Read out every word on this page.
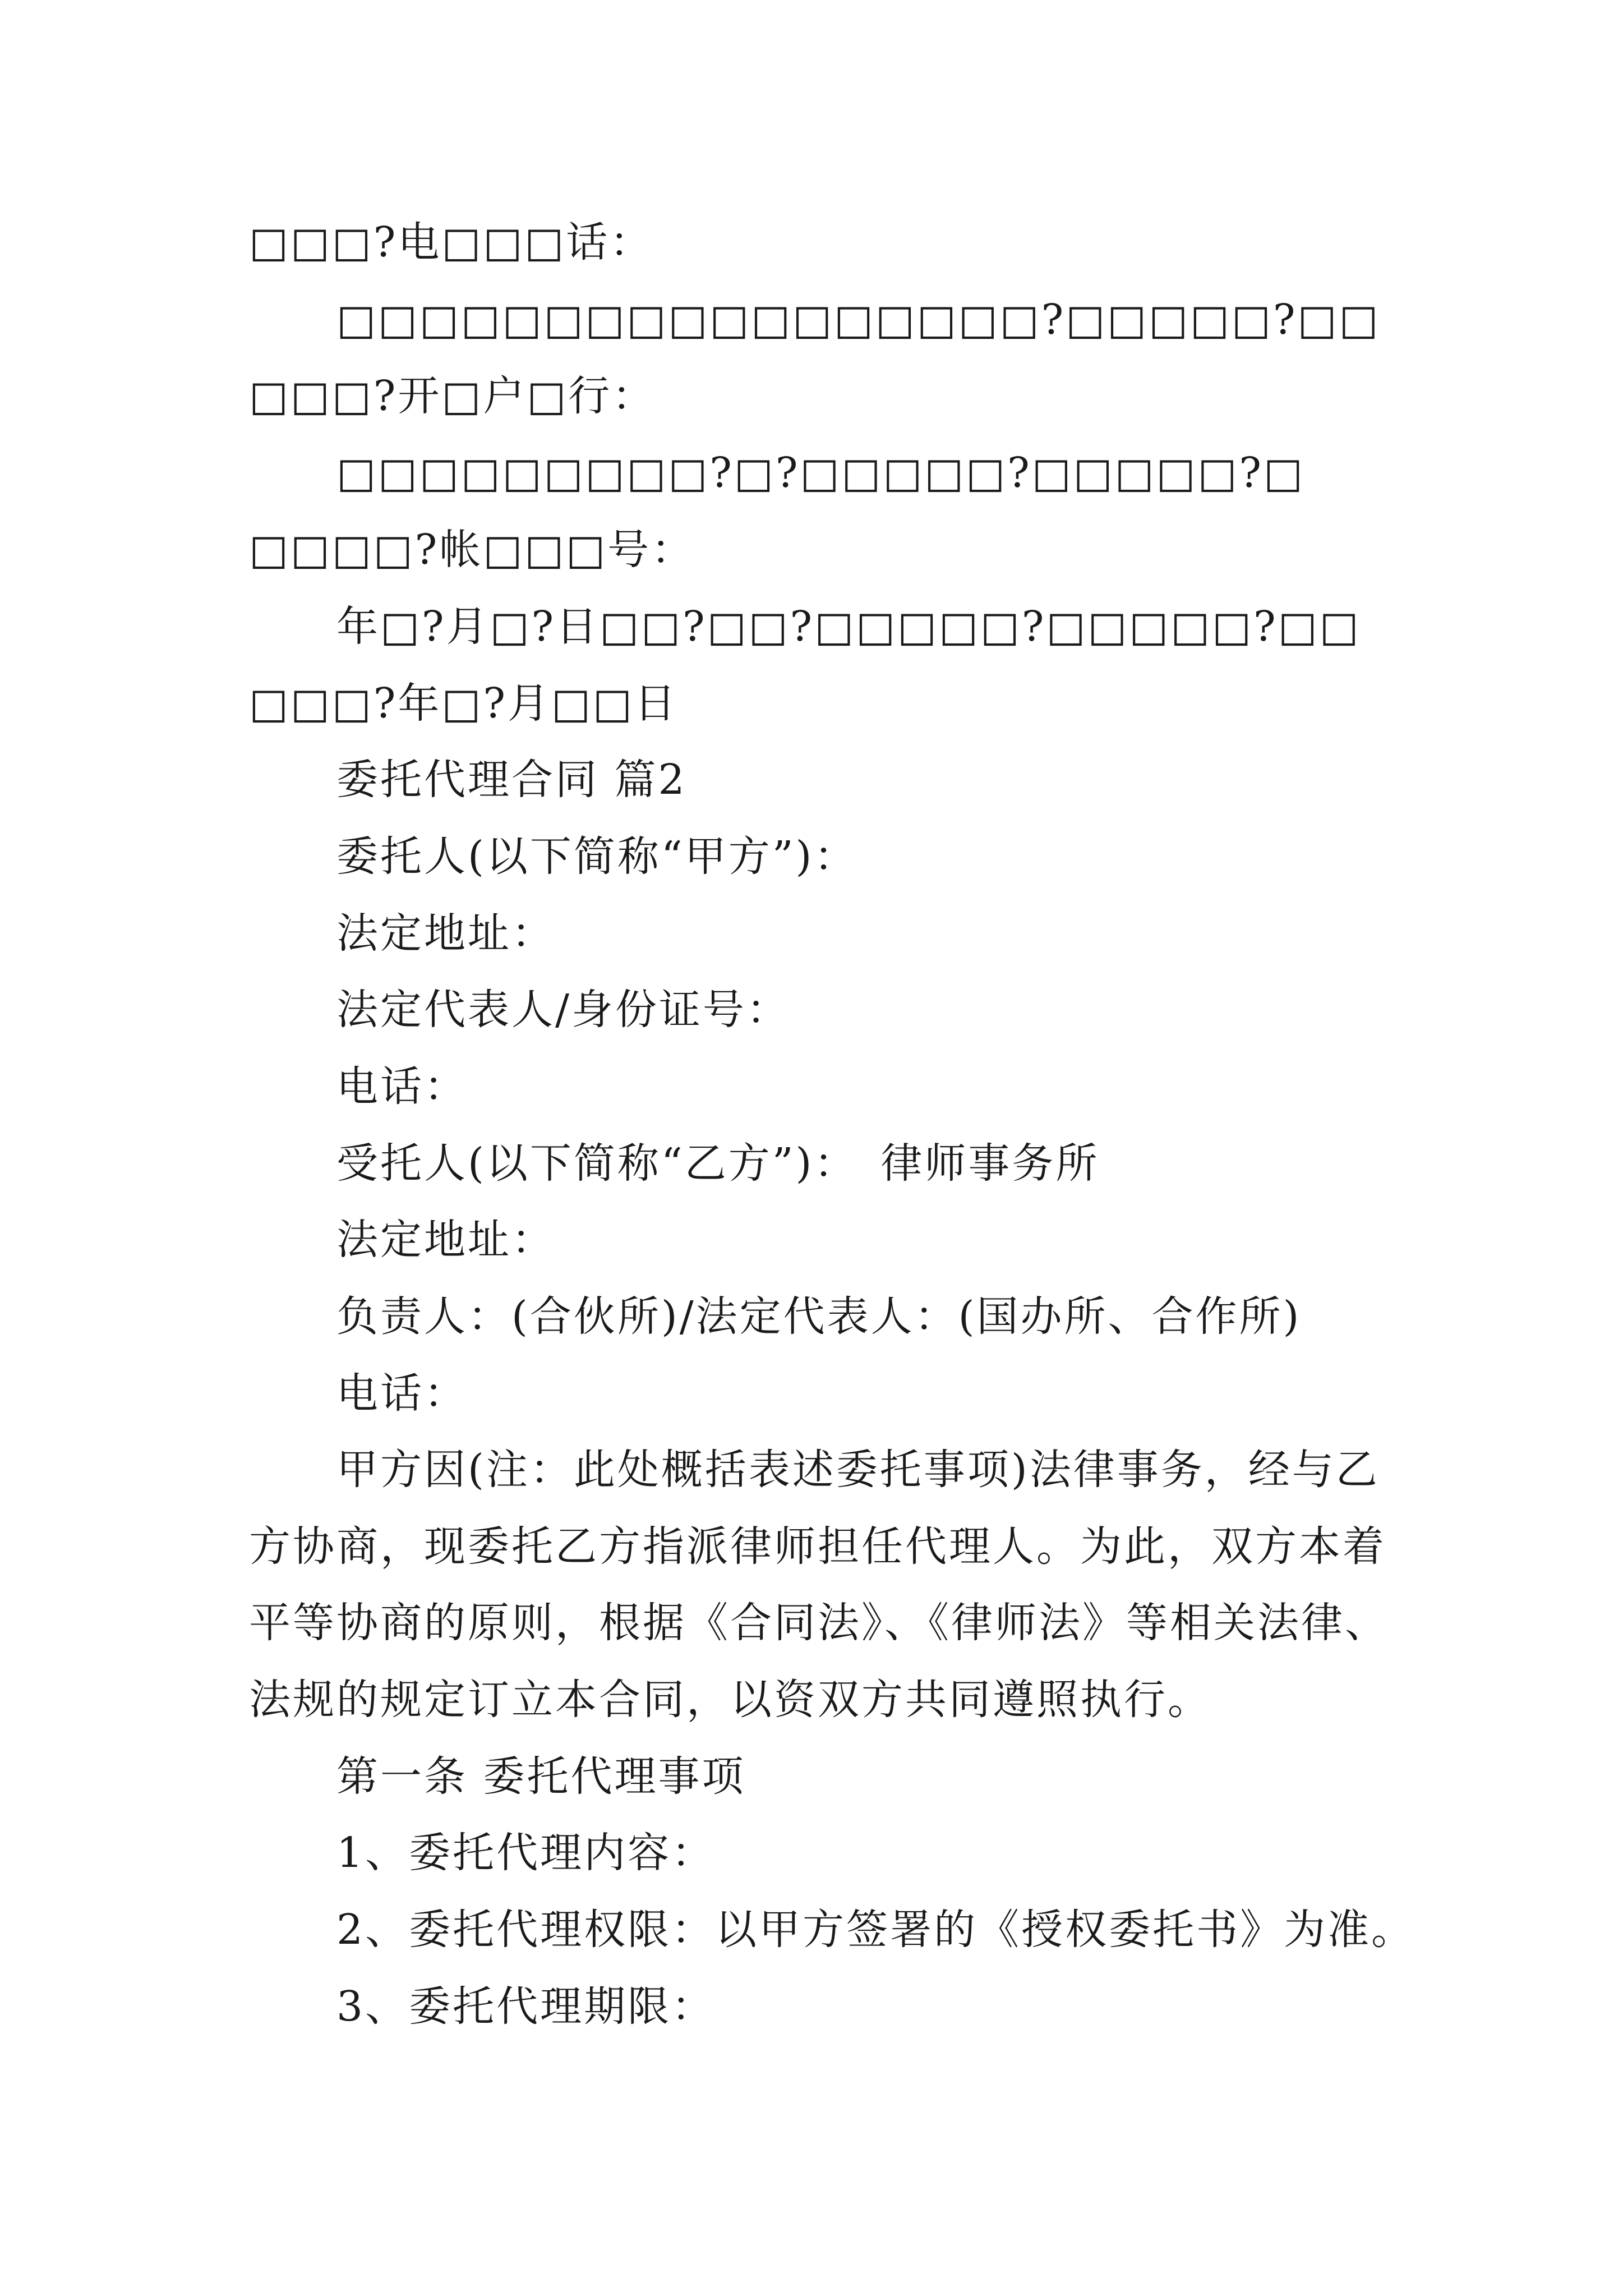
□□□?电□□□话：
□□□□□□□□□□□□□□□□□?□□□□□?□□
□□□?开□户□行：
□□□□□□□□□?□?□□□□□?□□□□□?□
□□□□?帐□□□号：
年□?月□?日□□?□□?□□□□□?□□□□□?□□
□□□?年□?月□□日
委托代理合同 篇2
委托人(以下简称“甲方”)：
法定地址：
法定代表人/身份证号：
电话：
受托人(以下简称“乙方”)：　律师事务所
法定地址：
负责人：(合伙所)/法定代表人：(国办所、合作所)
电话：
甲方因(注：此处概括表述委托事项)法律事务，经与乙
方协商，现委托乙方指派律师担任代理人。为此，双方本着
平等协商的原则，根据《合同法》、《律师法》等相关法律、
法规的规定订立本合同，以资双方共同遵照执行。
第一条 委托代理事项
1、委托代理内容：
2、委托代理权限：以甲方签署的《授权委托书》为准。
3、委托代理期限：
